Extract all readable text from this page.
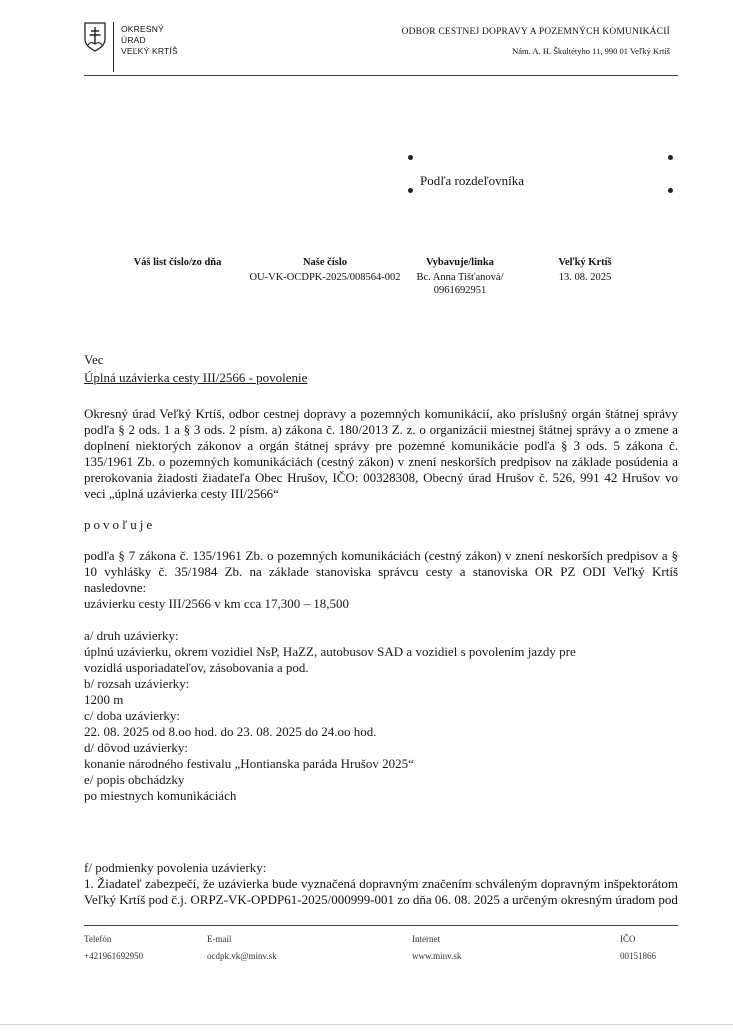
OKRESNÝ
ÚRAD
VEĽKÝ KRTÍŠ
ODBOR CESTNEJ DOPRAVY A POZEMNÝCH KOMUNIKÁCIÍ
Nám. A. H. Škultétyho 11, 990 01 Veľký Krtíš
Podľa rozdeľovníka
Váš list číslo/zo dňa	Naše číslo
OU-VK-OCDPK-2025/008564-002
Vybavuje/linka
Bc. Anna Tišťanová/
0961692951
Veľký Krtíš
13. 08. 2025
Vec
Úplná uzávierka cesty III/2566 - povolenie
Okresný úrad Veľký Krtíš, odbor cestnej dopravy a pozemných komunikácií, ako príslušný orgán štátnej správy podľa § 2 ods. 1 a § 3 ods. 2 písm. a) zákona č. 180/2013 Z. z. o organizácii miestnej štátnej správy a o zmene a doplnení niektorých zákonov a orgán štátnej správy pre pozemné komunikácie podľa § 3 ods. 5 zákona č. 135/1961 Zb. o pozemných komunikáciách (cestný zákon) v znení neskorších predpisov na základe posúdenia a prerokovania žiadosti žiadateľa Obec Hrušov, IČO: 00328308, Obecný úrad Hrušov č. 526, 991 42 Hrušov vo veci „úplná uzávierka cesty III/2566“
povoľuje
podľa § 7 zákona č. 135/1961 Zb. o pozemných komunikáciách (cestný zákon) v znení neskorších predpisov a § 10 vyhlášky č. 35/1984 Zb. na základe stanoviska správcu cesty a stanoviska OR PZ ODI Veľký Krtíš nasledovne:
uzávierku cesty III/2566 v km cca 17,300 – 18,500
a/ druh uzávierky:
úplnú uzávierku, okrem vozidiel NsP, HaZZ, autobusov SAD a vozidiel s povolením jazdy pre
vozidlá usporiadateľov, zásobovania a pod.
b/ rozsah uzávierky:
1200 m
c/ doba uzávierky:
22. 08. 2025 od 8.oo hod. do 23. 08. 2025 do 24.oo hod.
d/ dôvod uzávierky:
konanie národného festivalu „Hontianska paráda Hrušov 2025“
e/ popis obchádzky
po miestnych komunikáciách
f/ podmienky povolenia uzávierky:
1. Žiadateľ zabezpečí, že uzávierka bude vyznačená dopravným značením schváleným dopravným inšpektorátom Veľký Krtíš pod č.j. ORPZ-VK-OPDP61-2025/000999-001 zo dňa 06. 08. 2025 a určeným okresným úradom pod
Telefón
+421961692950
E-mail
ocdpk.vk@minv.sk
Internet
www.minv.sk
IČO
00151866
